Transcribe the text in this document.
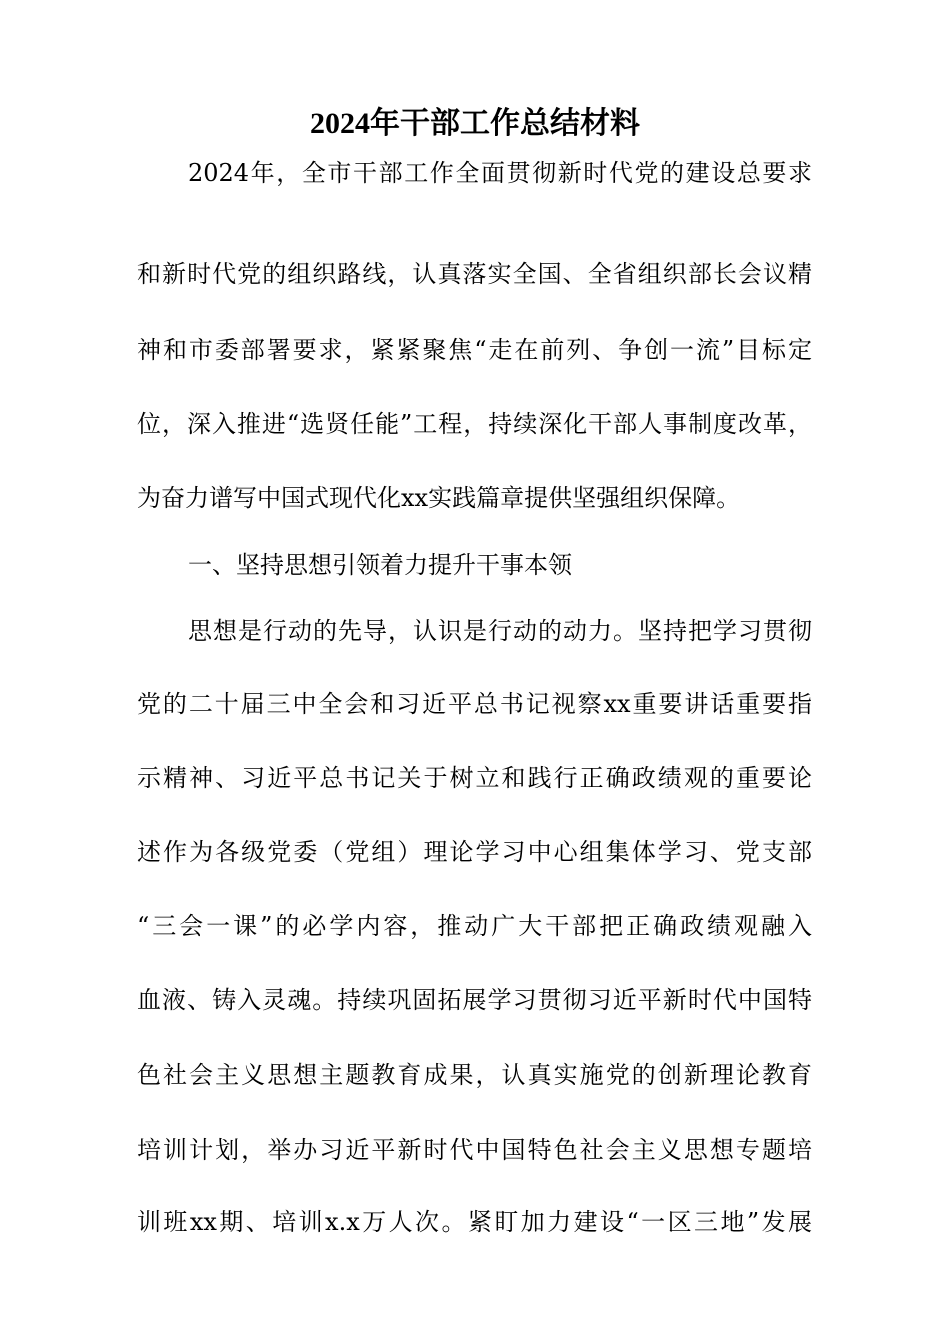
2024年干部工作总结材料
2024年，全市干部工作全面贯彻新时代党的建设总要求
和新时代党的组织路线，认真落实全国、全省组织部长会议精
神和市委部署要求，紧紧聚焦“走在前列、争创一流”目标定
位，深入推进“选贤任能”工程，持续深化干部人事制度改革，
为奋力谱写中国式现代化xx实践篇章提供坚强组织保障。
一、坚持思想引领着力提升干事本领
思想是行动的先导，认识是行动的动力。坚持把学习贯彻
党的二十届三中全会和习近平总书记视察xx重要讲话重要指
示精神、习近平总书记关于树立和践行正确政绩观的重要论
述作为各级党委（党组）理论学习中心组集体学习、党支部
“三会一课”的必学内容，推动广大干部把正确政绩观融入
血液、铸入灵魂。持续巩固拓展学习贯彻习近平新时代中国特
色社会主义思想主题教育成果，认真实施党的创新理论教育
培训计划，举办习近平新时代中国特色社会主义思想专题培
训班xx期、培训x.x万人次。紧盯加力建设“一区三地”发展
